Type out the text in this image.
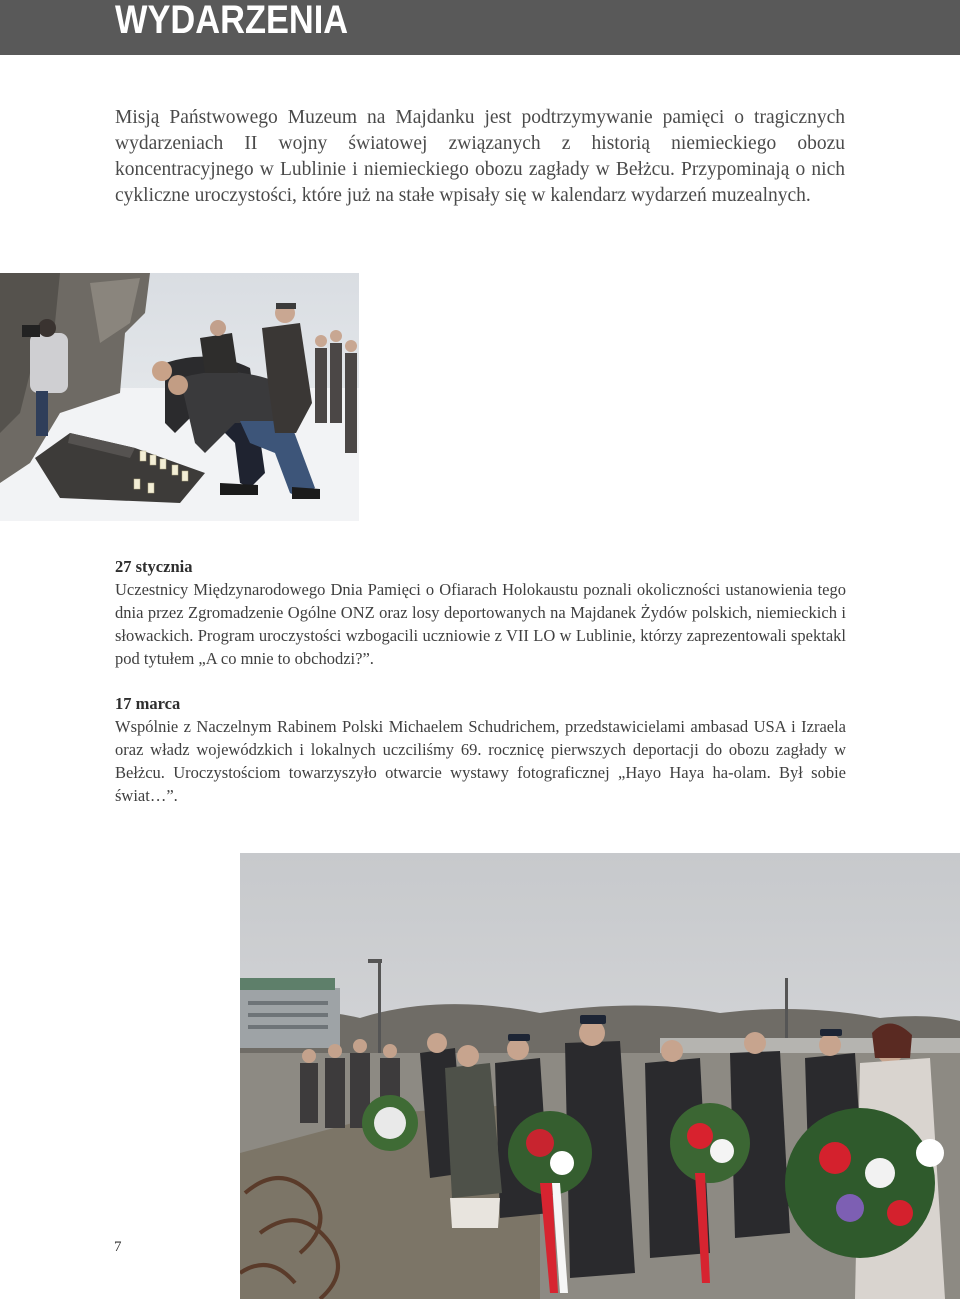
WYDARZENIA

Misją Państwowego Muzeum na Majdanku jest podtrzymywanie pamięci o tragicznych wydarzeniach II wojny światowej związanych z historią niemieckiego obozu koncentracyjnego w Lublinie i niemieckiego obozu zagłady w Bełżcu. Przypominają o nich cykliczne uroczystości, które już na stałe wpisały się w kalendarz wydarzeń muzealnych.

27 stycznia
Uczestnicy Międzynarodowego Dnia Pamięci o Ofiarach Holokaustu poznali okoliczności ustanowienia tego dnia przez Zgromadzenie Ogólne ONZ oraz losy deportowanych na Majdanek Żydów polskich, niemieckich i słowackich. Program uroczystości wzbogacili uczniowie z VII LO w Lublinie, którzy zaprezentowali spektakl pod tytułem „A co mnie to obchodzi?”.
17 marca
Wspólnie z Naczelnym Rabinem Polski Michaelem Schudrichem, przedstawicielami ambasad USA i Izraela oraz władz wojewódzkich i lokalnych uczciliśmy 69. rocznicę pierwszych deportacji do obozu zagłady w Bełżcu. Uroczystościom towarzyszyło otwarcie wystawy fotograficznej „Hayo Haya ha-olam. Był sobie świat…”.
7
